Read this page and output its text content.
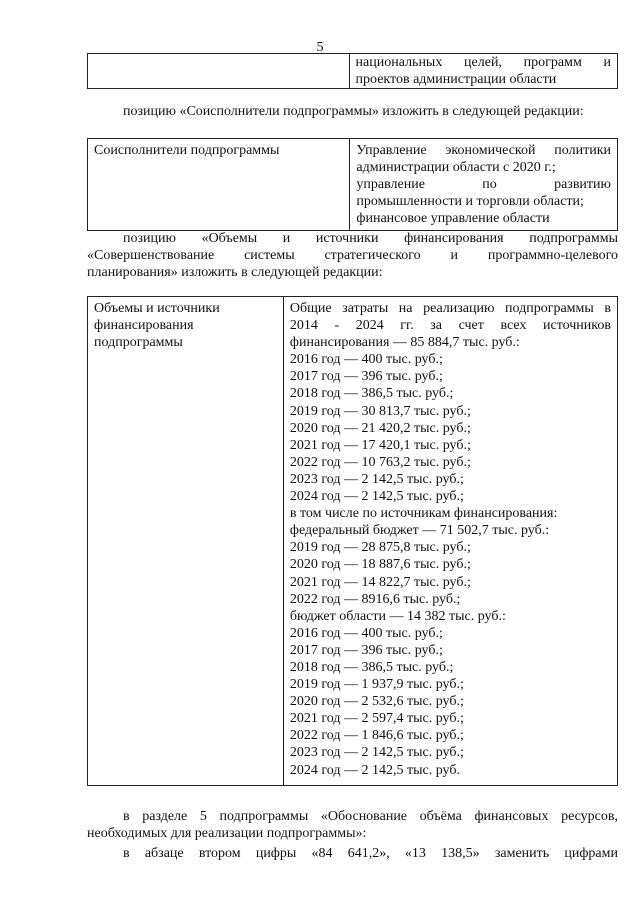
5

национальных целей, программ и
проектов администрации области
позицию «Соисполнители подпрограммы» изложить в следующей редакции:
Соисполнители подпрограммы	Управление экономической политики
администрации области с 2020 г.;
управление по развитию
промышленности и торговли области;
финансовое управление области
позицию «Объемы и источники финансирования подпрограммы
«Совершенствование системы стратегического и программно-целевого
планирования» изложить в следующей редакции:
Объемы и источники
финансирования
подпрограммы

Общие затраты на реализацию подпрограммы в
2014 - 2024 гг. за счет всех источников
финансирования — 85 884,7 тыс. руб.:
2016 год — 400 тыс. руб.;
2017 год — 396 тыс. руб.;
2018 год — 386,5 тыс. руб.;
2019 год — 30 813,7 тыс. руб.;
2020 год — 21 420,2 тыс. руб.;
2021 год — 17 420,1 тыс. руб.;
2022 год — 10 763,2 тыс. руб.;
2023 год — 2 142,5 тыс. руб.;
2024 год — 2 142,5 тыс. руб.;
в том числе по источникам финансирования:
федеральный бюджет — 71 502,7 тыс. руб.:
2019 год — 28 875,8 тыс. руб.;
2020 год — 18 887,6 тыс. руб.;
2021 год — 14 822,7 тыс. руб.;
2022 год — 8916,6 тыс. руб.;
бюджет области — 14 382 тыс. руб.:
2016 год — 400 тыс. руб.;
2017 год — 396 тыс. руб.;
2018 год — 386,5 тыс. руб.;
2019 год — 1 937,9 тыс. руб.;
2020 год — 2 532,6 тыс. руб.;
2021 год — 2 597,4 тыс. руб.;
2022 год — 1 846,6 тыс. руб.;
2023 год — 2 142,5 тыс. руб.;
2024 год — 2 142,5 тыс. руб.
в разделе 5 подпрограммы «Обоснование объёма финансовых ресурсов,
необходимых для реализации подпрограммы»:
в абзаце втором цифры «84 641,2», «13 138,5» заменить цифрами
